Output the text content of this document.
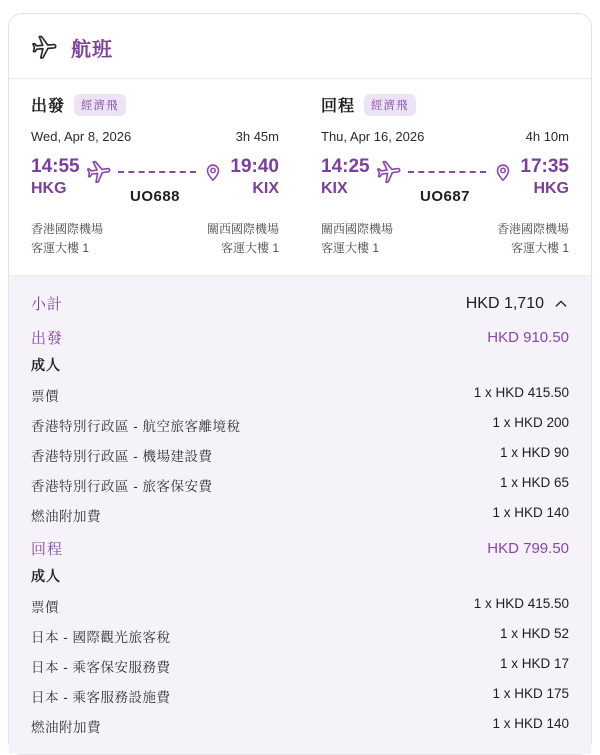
航班
出發	經濟飛
Wed, Apr 8, 2026	3h 45m
14:55
HKG	UO688
19:40
KIX
香港國際機場
客運大樓 1
關西國際機場
客運大樓 1
回程	經濟飛
Thu, Apr 16, 2026	4h 10m
14:25
KIX	UO687
17:35
HKG
關西國際機場
客運大樓 1
香港國際機場
客運大樓 1
小計	HKD 1,710
出發	HKD 910.50
成人
票價	1 x HKD 415.50
香港特別行政區 - 航空旅客離境稅	1 x HKD 200
香港特別行政區 - 機場建設費	1 x HKD 90
香港特別行政區 - 旅客保安費	1 x HKD 65
燃油附加費	1 x HKD 140
回程	HKD 799.50
成人
票價	1 x HKD 415.50
日本 - 國際觀光旅客稅	1 x HKD 52
日本 - 乘客保安服務費	1 x HKD 17
日本 - 乘客服務設施費	1 x HKD 175
燃油附加費	1 x HKD 140
